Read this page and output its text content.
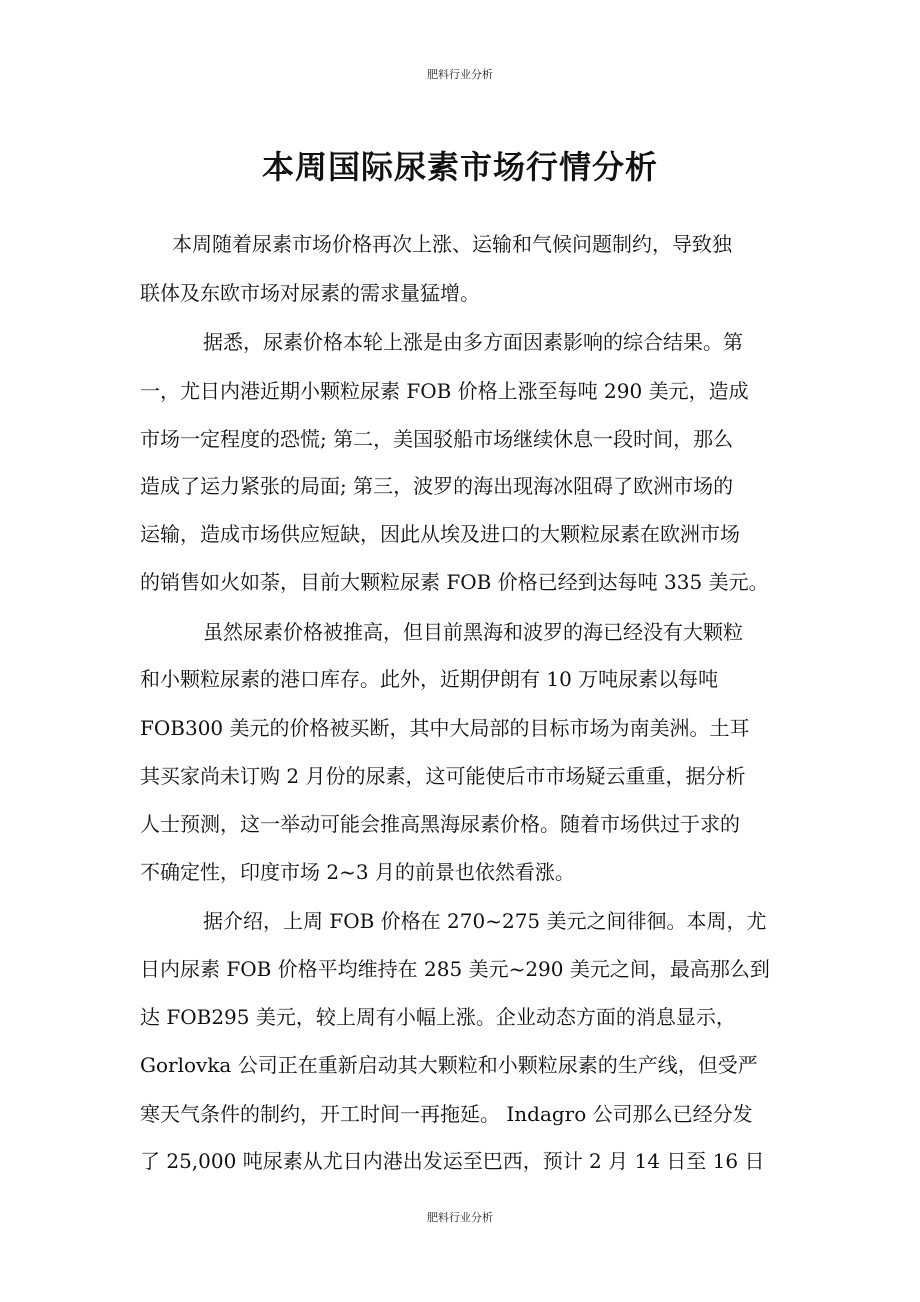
肥料行业分析
本周国际尿素市场行情分析
本周随着尿素市场价格再次上涨、运输和气候问题制约，导致独
联体及东欧市场对尿素的需求量猛增。
据悉，尿素价格本轮上涨是由多方面因素影响的综合结果。第
一，尤日内港近期小颗粒尿素 FOB 价格上涨至每吨 290 美元，造成
市场一定程度的恐慌; 第二，美国驳船市场继续休息一段时间，那么
造成了运力紧张的局面; 第三，波罗的海出现海冰阻碍了欧洲市场的
运输，造成市场供应短缺，因此从埃及进口的大颗粒尿素在欧洲市场
的销售如火如荼，目前大颗粒尿素 FOB 价格已经到达每吨 335 美元。
虽然尿素价格被推高，但目前黑海和波罗的海已经没有大颗粒
和小颗粒尿素的港口库存。此外，近期伊朗有 10 万吨尿素以每吨
FOB300 美元的价格被买断，其中大局部的目标市场为南美洲。土耳
其买家尚未订购 2 月份的尿素，这可能使后市市场疑云重重，据分析
人士预测，这一举动可能会推高黑海尿素价格。随着市场供过于求的
不确定性，印度市场 2~3 月的前景也依然看涨。
据介绍，上周 FOB 价格在 270~275 美元之间徘徊。本周，尤
日内尿素 FOB 价格平均维持在 285 美元~290 美元之间，最高那么到
达 FOB295 美元，较上周有小幅上涨。企业动态方面的消息显示，
Gorlovka 公司正在重新启动其大颗粒和小颗粒尿素的生产线，但受严
寒天气条件的制约，开工时间一再拖延。 Indagro 公司那么已经分发
了 25,000 吨尿素从尤日内港出发运至巴西，预计 2 月 14 日至 16 日
肥料行业分析
